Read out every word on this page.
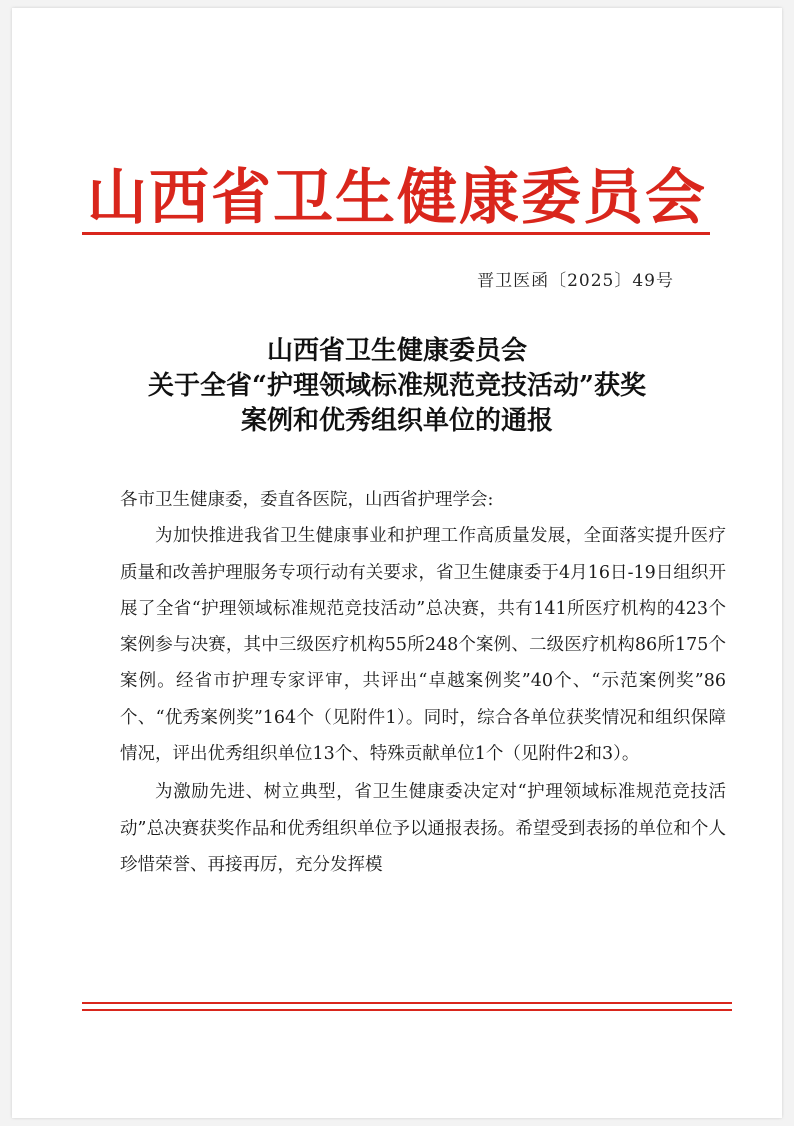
山西省卫生健康委员会
晋卫医函〔2025〕49号
山西省卫生健康委员会
关于全省“护理领域标准规范竞技活动”获奖
案例和优秀组织单位的通报

各市卫生健康委，委直各医院，山西省护理学会:

为加快推进我省卫生健康事业和护理工作高质量发展，全面落实提升医疗质量和改善护理服务专项行动有关要求，省卫生健康委于4月16日-19日组织开展了全省“护理领域标准规范竞技活动”总决赛，共有141所医疗机构的423个案例参与决赛，其中三级医疗机构55所248个案例、二级医疗机构86所175个案例。经省市护理专家评审，共评出“卓越案例奖”40个、“示范案例奖”86个、“优秀案例奖”164个（见附件1）。同时，综合各单位获奖情况和组织保障情况，评出优秀组织单位13个、特殊贡献单位1个（见附件2和3）。

为激励先进、树立典型，省卫生健康委决定对“护理领域标准规范竞技活动”总决赛获奖作品和优秀组织单位予以通报表扬。希望受到表扬的单位和个人珍惜荣誉、再接再厉，充分发挥模
